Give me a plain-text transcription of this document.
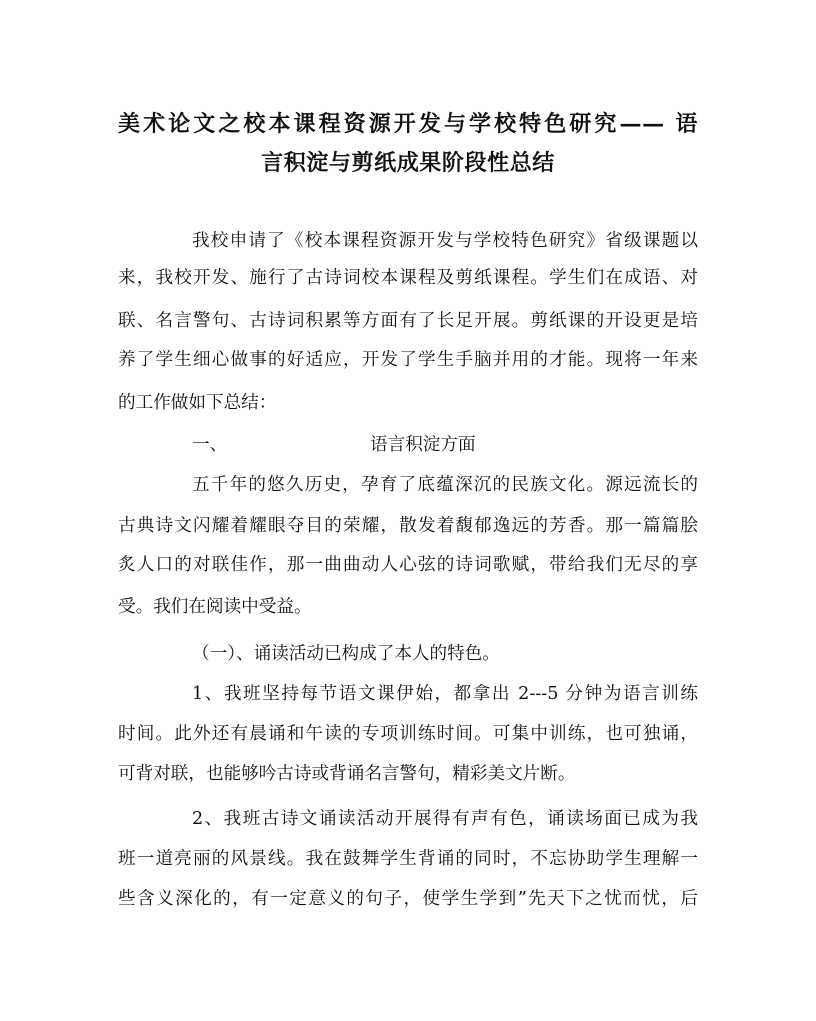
美术论文之校本课程资源开发与学校特色研究—— 语
言积淀与剪纸成果阶段性总结
我校申请了《校本课程资源开发与学校特色研究》省级课题以
来，我校开发、施行了古诗词校本课程及剪纸课程。学生们在成语、对
联、名言警句、古诗词积累等方面有了长足开展。剪纸课的开设更是培
养了学生细心做事的好适应，开发了学生手脑并用的才能。现将一年来
的工作做如下总结：
一、	语言积淀方面
五千年的悠久历史，孕育了底蕴深沉的民族文化。源远流长的
古典诗文闪耀着耀眼夺目的荣耀，散发着馥郁逸远的芳香。那一篇篇脍
炙人口的对联佳作，那一曲曲动人心弦的诗词歌赋，带给我们无尽的享
受。我们在阅读中受益。
（一）、诵读活动已构成了本人的特色。
1、我班坚持每节语文课伊始，都拿出 2---5 分钟为语言训练
时间。此外还有晨诵和午读的专项训练时间。可集中训练，也可独诵，
可背对联，也能够吟古诗或背诵名言警句，精彩美文片断。
2、我班古诗文诵读活动开展得有声有色，诵读场面已成为我
班一道亮丽的风景线。我在鼓舞学生背诵的同时，不忘协助学生理解一
些含义深化的，有一定意义的句子，使学生学到”先天下之忧而忧，后
